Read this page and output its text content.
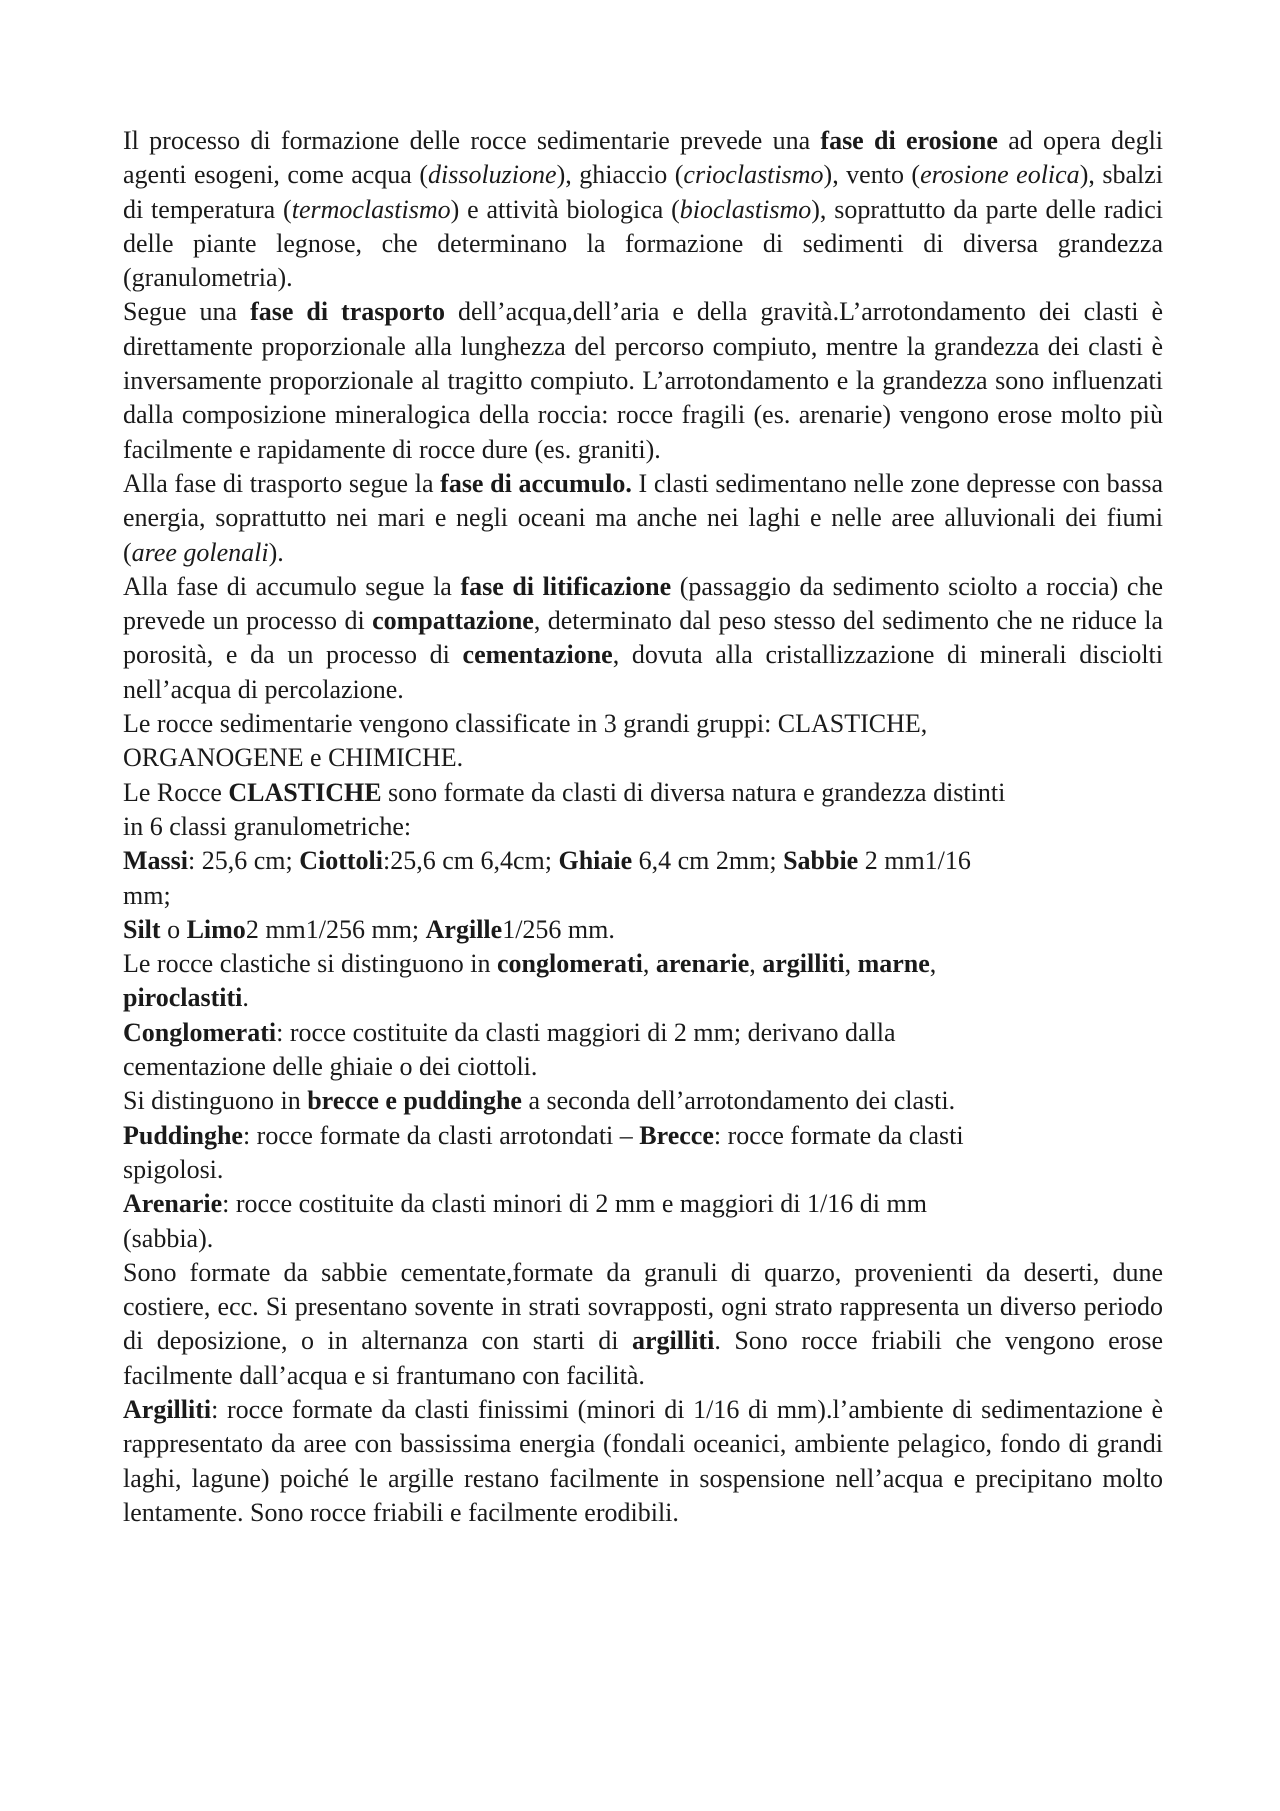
Il processo di formazione delle rocce sedimentarie prevede una fase di erosione ad opera degli agenti esogeni, come acqua (dissoluzione), ghiaccio (crioclastismo), vento (erosione eolica), sbalzi di temperatura (termoclastismo) e attività biologica (bioclastismo), soprattutto da parte delle radici delle piante legnose, che determinano la formazione di sedimenti di diversa grandezza (granulometria).

Segue una fase di trasporto dell’acqua,dell’aria e della gravità.L’arrotondamento dei clasti è direttamente proporzionale alla lunghezza del percorso compiuto, mentre la grandezza dei clasti è inversamente proporzionale al tragitto compiuto. L’arrotondamento e la grandezza sono influenzati dalla composizione mineralogica della roccia: rocce fragili (es. arenarie) vengono erose molto più facilmente e rapidamente di rocce dure (es. graniti).

Alla fase di trasporto segue la fase di accumulo. I clasti sedimentano nelle zone depresse con bassa energia, soprattutto nei mari e negli oceani ma anche nei laghi e nelle aree alluvionali dei fiumi (aree golenali).

Alla fase di accumulo segue la fase di litificazione (passaggio da sedimento sciolto a roccia) che prevede un processo di compattazione, determinato dal peso stesso del sedimento che ne riduce la porosità, e da un processo di cementazione, dovuta alla cristallizzazione di minerali disciolti nell’acqua di percolazione.

Le rocce sedimentarie vengono classificate in 3 grandi gruppi: CLASTICHE,
ORGANOGENE e CHIMICHE.

Le Rocce CLASTICHE sono formate da clasti di diversa natura e grandezza distinti
in 6 classi granulometriche:

Massi: 25,6 cm; Ciottoli:25,6 cm 6,4cm; Ghiaie 6,4 cm 2mm; Sabbie 2 mm1/16
mm;

Silt o Limo2 mm1/256 mm; Argille1/256 mm.

Le rocce clastiche si distinguono in conglomerati, arenarie, argilliti, marne,
piroclastiti.

Conglomerati: rocce costituite da clasti maggiori di 2 mm; derivano dalla
cementazione delle ghiaie o dei ciottoli.

Si distinguono in brecce e puddinghe a seconda dell’arrotondamento dei clasti.

Puddinghe: rocce formate da clasti arrotondati – Brecce: rocce formate da clasti
spigolosi.

Arenarie: rocce costituite da clasti minori di 2 mm e maggiori di 1/16 di mm
(sabbia).

Sono formate da sabbie cementate,formate da granuli di quarzo, provenienti da deserti, dune costiere, ecc. Si presentano sovente in strati sovrapposti, ogni strato rappresenta un diverso periodo di deposizione, o in alternanza con starti di argilliti. Sono rocce friabili che vengono erose facilmente dall’acqua e si frantumano con facilità.

Argilliti: rocce formate da clasti finissimi (minori di 1/16 di mm).l’ambiente di sedimentazione è rappresentato da aree con bassissima energia (fondali oceanici, ambiente pelagico, fondo di grandi laghi, lagune) poiché le argille restano facilmente in sospensione nell’acqua e precipitano molto lentamente. Sono rocce friabili e facilmente erodibili.
